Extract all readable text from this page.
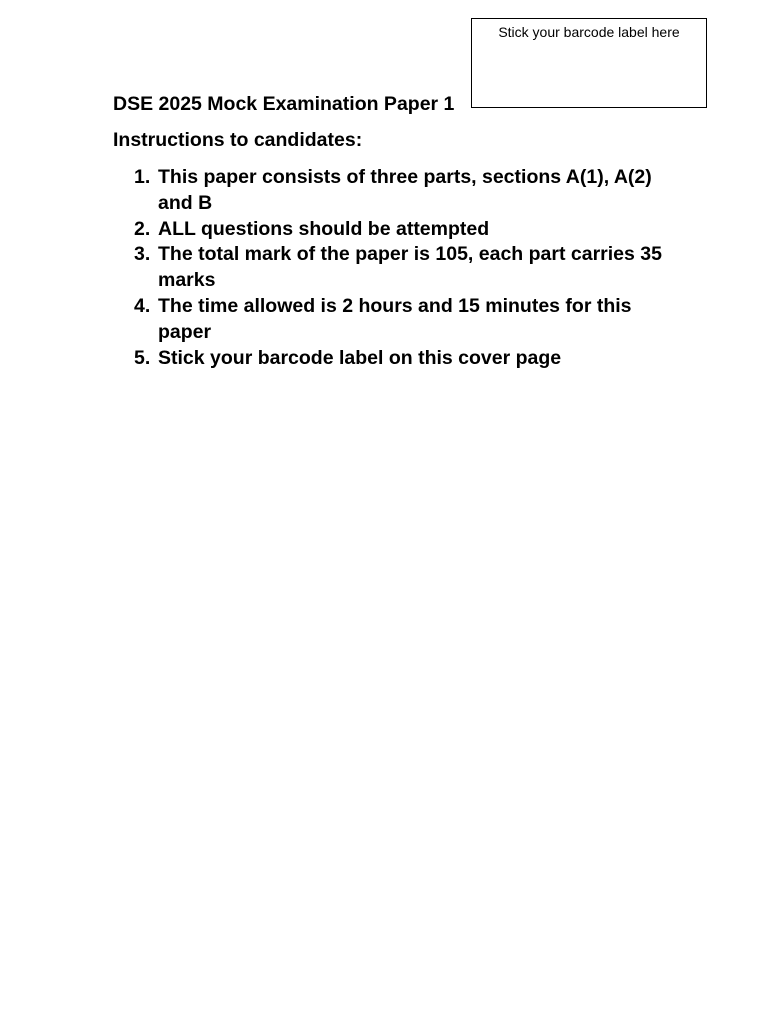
Stick your barcode label here
DSE 2025 Mock Examination Paper 1
Instructions to candidates:
1. This paper consists of three parts, sections A(1), A(2) and B
2. ALL questions should be attempted
3. The total mark of the paper is 105, each part carries 35 marks
4. The time allowed is 2 hours and 15 minutes for this paper
5. Stick your barcode label on this cover page
